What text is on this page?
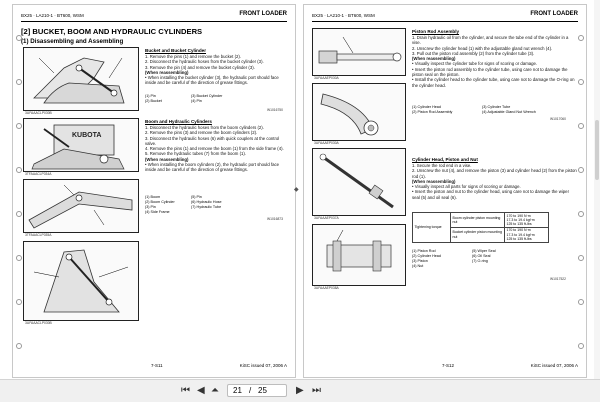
BX25 · LA210-1 · BT600, WSM	FRONT LOADER
[2] BUCKET, BOOM AND HYDRAULIC CYLINDERS
(1) Disassembling and Assembling
3UFAAACLP030B
Bucket and Bucket Cylinder

1. Remove the pins (1) and remove the bucket (2).

2. Disconnect the hydraulic hoses from the bucket cylinder (3).

3. Remove the pin (4) and remove the bucket cylinder (3).

(When reassembling)

• When installing the bucket cylinder (3), the hydraulic port should face inside and be careful of the direction of grease fittings.

(1) Pin	(3) Bucket Cylinder
(2) Bucket	(4) Pin
W1016750
KUBOTA
3TFAAACLP034A
Boom and Hydraulic Cylinders

1. Disconnect the hydraulic hoses from the boom cylinders (2).

2. Remove the pins (3) and remove the boom cylinders (2).

3. Disconnect the hydraulic hoses (6) with quick couplers at the control valve.

4. Remove the pins (1) and remove the boom (1) from the side frame (4).

5. Remove the hydraulic tubes (7) from the boom (1).

(When reassembling)

• When installing the boom cylinders (2), the hydraulic port should face inside and be careful of the direction of grease fittings.

(1) Boom	(5) Pin
(2) Boom Cylinder	(6) Hydraulic Hose
(3) Pin	(7) Hydraulic Tube
(4) Side Frame
W1016873
3TFAAACLP035A
3UFAAACLP030B
7-S11	KiSC issued 07, 2006 A
◆
BX25 · LA210-1 · BT600, WSM	FRONT LOADER
3UFAAAEP030A
3UFAAAEP030A
Piston Rod Assembly

1. Drain hydraulic oil from the cylinder, and secure the tube end of the cylinder in a vise.

2. Unscrew the cylinder head (1) with the adjustable gland nut wrench (4).

3. Pull out the piston rod assembly (2) from the cylinder tube (3).

(When reassembling)

• Visually inspect the cylinder tube for signs of scoring or damage.

• Insert the piston rod assembly to the cylinder tube, using care not to damage the piston seal on the piston.

• Install the cylinder head to the cylinder tube, using care not to damage the O-ring on the cylinder head.

(1) Cylinder Head	(3) Cylinder Tube
(2) Piston Rod Assembly	(4) Adjustable Gland Nut Wrench
W1017060
3UFAAAEP037A
3UFAAAEP038A
Cylinder Head, Piston and Nut

1. Secure the rod end in a vise.

2. Unscrew the nut (4), and remove the piston (3) and cylinder head (2) from the piston rod (1).

(When reassembling)

• Visually inspect all parts for signs of scoring or damage.

• Insert the piston and nut to the cylinder head, using care not to damage the wiper seal (5) and oil seal (6).

Tightening torque	Boom cylinder piston mounting nut	170 to 190 N·m
17.3 to 19.4 kgf·m
125 to 135 ft-lbs

	Bucket cylinder piston mounting nut	170 to 190 N·m
17.3 to 19.4 kgf·m
125 to 135 ft-lbs
(1) Piston Rod	(5) Wiper Seal
(2) Cylinder Head	(6) Oil Seal
(3) Piston	(7) O-ring
(4) Nut
W1017522
7-S12	KiSC issued 07, 2006 A
⏮ ◀ ⏶ 21 / 25	▶ ⏭
